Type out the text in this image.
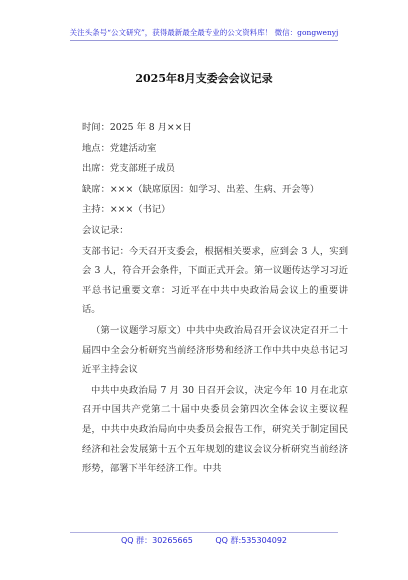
关注头条号“公文研究”，获得最新最全最专业的公文资料库！ 微信：gongwenyj
2025年8月支委会会议记录

时间：2025 年 8 月××日

地点：党建活动室

出席：党支部班子成员

缺席：×××（缺席原因：如学习、出差、生病、开会等）

主持：×××（书记）

会议记录：

支部书记：今天召开支委会，根据相关要求，应到会 3 人，实到会 3 人，符合开会条件，下面正式开会。第一议题传达学习习近平总书记重要文章：习近平在中共中央政治局会议上的重要讲话。

（第一议题学习原文）中共中央政治局召开会议决定召开二十届四中全会分析研究当前经济形势和经济工作中共中央总书记习近平主持会议

中共中央政治局 7 月 30 日召开会议，决定今年 10 月在北京召开中国共产党第二十届中央委员会第四次全体会议主要议程是，中共中央政治局向中央委员会报告工作，研究关于制定国民经济和社会发展第十五个五年规划的建议会议分析研究当前经济形势，部署下半年经济工作。中共

QQ 群：30265665	QQ 群:535304092
